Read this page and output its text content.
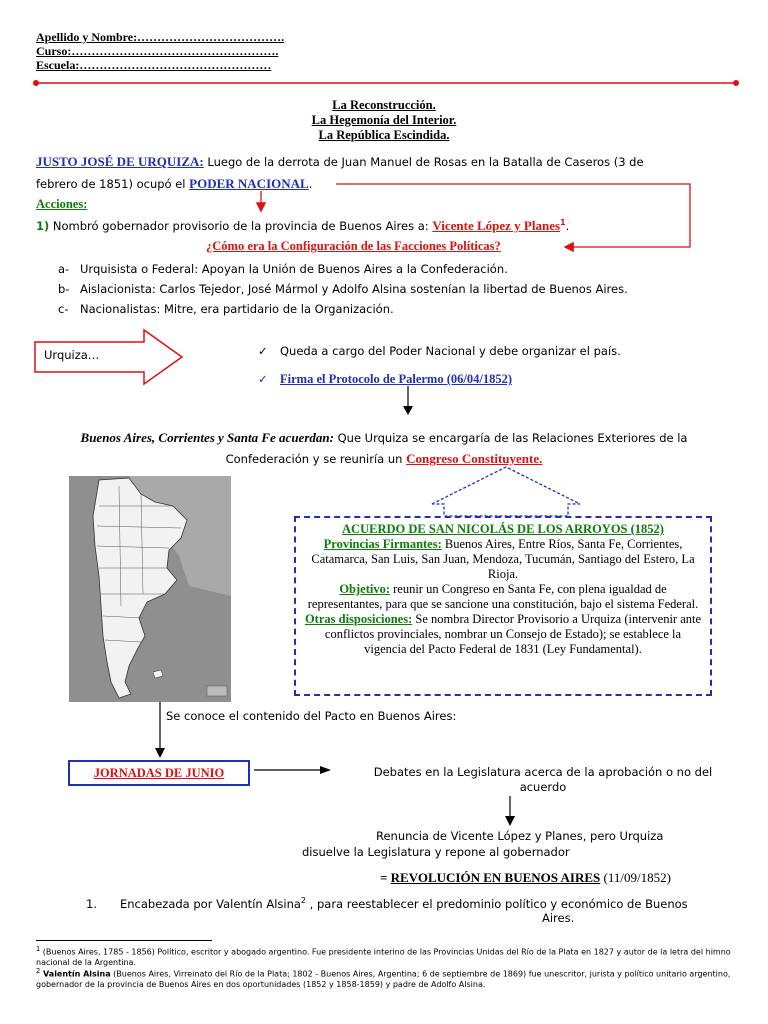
Apellido y Nombre:……………………………….
Curso:…………………………………………….
Escuela:…………………………………………
La Reconstrucción.
La Hegemonía del Interior.
La República Escindida.
JUSTO JOSÉ DE URQUIZA: Luego de la derrota de Juan Manuel de Rosas en la Batalla de Caseros (3 de
febrero de 1851) ocupó el PODER NACIONAL.
Acciones:
1) Nombró gobernador provisorio de la provincia de Buenos Aires a: Vicente López y Planes$^1$.
¿Cómo era la Configuración de las Facciones Políticas?
a- Urquisista o Federal: Apoyan la Unión de Buenos Aires a la Confederación.
b- Aislacionista: Carlos Tejedor, José Mármol y Adolfo Alsina sostenían la libertad de Buenos Aires.
c- Nacionalistas: Mitre, era partidario de la Organización.
Urquiza…	✓ Queda a cargo del Poder Nacional y debe organizar el país.
✓ Firma el Protocolo de Palermo (06/04/1852)
Buenos Aires, Corrientes y Santa Fe acuerdan: Que Urquiza se encargaría de las Relaciones Exteriores de la
Confederación y se reuniría un Congreso Constituyente.
ACUERDO DE SAN NICOLÁS DE LOS ARROYOS (1852)
Provincias Firmantes: Buenos Aires, Entre Ríos, Santa Fe, Corrientes, Catamarca, San Luis, San Juan, Mendoza, Tucumán, Santiago del Estero, La Rioja.
Objetivo: reunir un Congreso en Santa Fe, con plena igualdad de representantes, para que se sancione una constitución, bajo el sistema Federal.
Otras disposiciones: Se nombra Director Provisorio a Urquiza (intervenir ante conflictos provinciales, nombrar un Consejo de Estado); se establece la vigencia del Pacto Federal de 1831 (Ley Fundamental).
Se conoce el contenido del Pacto en Buenos Aires:
JORNADAS DE JUNIO	Debates en la Legislatura acerca de la aprobación o no del acuerdo
Renuncia de Vicente López y Planes, pero Urquiza
disuelve la Legislatura y repone al gobernador
= REVOLUCIÓN EN BUENOS AIRES (11/09/1852)
1. Encabezada por Valentín Alsina$^2$ , para reestablecer el predominio político y económico de Buenos
Aires.
$^1$ (Buenos Aires, 1785 - 1856) Político, escritor y abogado argentino. Fue presidente interino de las Provincias Unidas del Río de la Plata en 1827 y autor de la letra del himno nacional de la Argentina.
$^2$ Valentín Alsina (Buenos Aires, Virreinato del Río de la Plata; 1802 - Buenos Aires, Argentina; 6 de septiembre de 1869) fue unescritor, jurista y político unitario argentino, gobernador de la provincia de Buenos Aires en dos oportunidades (1852 y 1858-1859) y padre de Adolfo Alsina.
